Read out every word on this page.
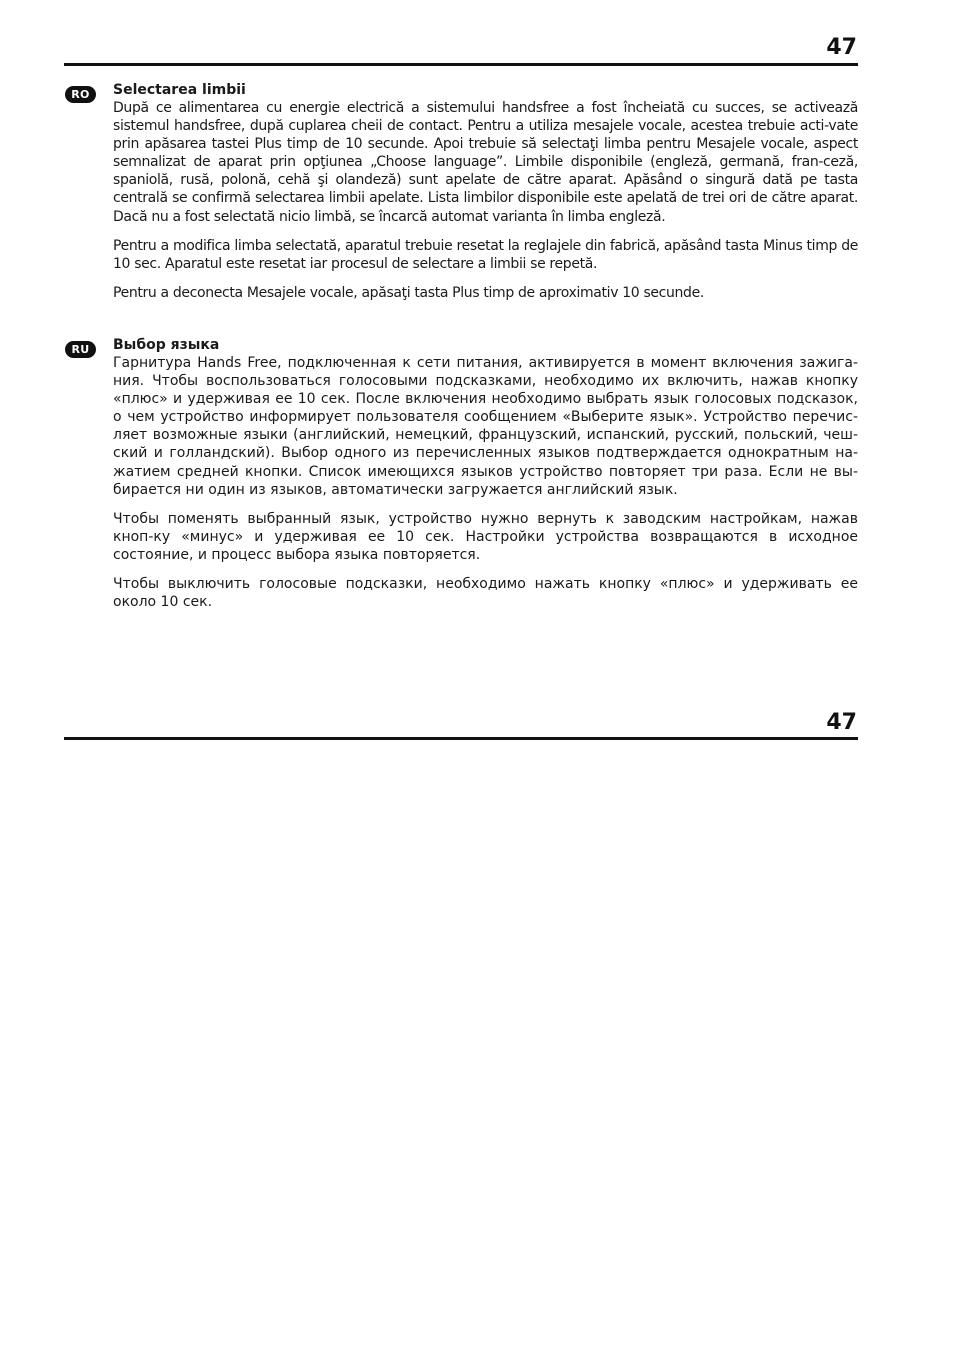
47
RO	Selectarea limbii

După ce alimentarea cu energie electrică a sistemului handsfree a fost încheiată cu succes, se activează sistemul handsfree, după cuplarea cheii de contact. Pentru a utiliza mesajele vocale, acestea trebuie acti-vate prin apăsarea tastei Plus timp de 10 secunde. Apoi trebuie să selectaţi limba pentru Mesajele vocale, aspect semnalizat de aparat prin opţiunea „Choose language”. Limbile disponibile (engleză, germană, fran-ceză, spaniolă, rusă, polonă, cehă şi olandeză) sunt apelate de către aparat. Apăsând o singură dată pe tasta centrală se confirmă selectarea limbii apelate. Lista limbilor disponibile este apelată de trei ori de către aparat. Dacă nu a fost selectată nicio limbă, se încarcă automat varianta în limba engleză.

Pentru a modifica limba selectată, aparatul trebuie resetat la reglajele din fabrică, apăsând tasta Minus timp de 10 sec. Aparatul este resetat iar procesul de selectare a limbii se repetă.

Pentru a deconecta Mesajele vocale, apăsaţi tasta Plus timp de aproximativ 10 secunde.

RU	Выбор языка

Гарнитура Hands Free, подключенная к сети питания, активируется в момент включения зажига-ния. Чтобы воспользоваться голосовыми подсказками, необходимо их включить, нажав кнопку «плюс» и удерживая ее 10 сек. После включения необходимо выбрать язык голосовых подсказок, о чем устройство информирует пользователя сообщением «Выберите язык». Устройство перечис-ляет возможные языки (английский, немецкий, французский, испанский, русский, польский, чеш-ский и голландский). Выбор одного из перечисленных языков подтверждается однократным на-жатием средней кнопки. Список имеющихся языков устройство повторяет три раза. Если не вы-бирается ни один из языков, автоматически загружается английский язык.

Чтобы поменять выбранный язык, устройство нужно вернуть к заводским настройкам, нажав кноп-ку «минус» и удерживая ее 10 сек. Настройки устройства возвращаются в исходное состояние, и процесс выбора языка повторяется.

Чтобы выключить голосовые подсказки, необходимо нажать кнопку «плюс» и удерживать ее около 10 сек.

47
